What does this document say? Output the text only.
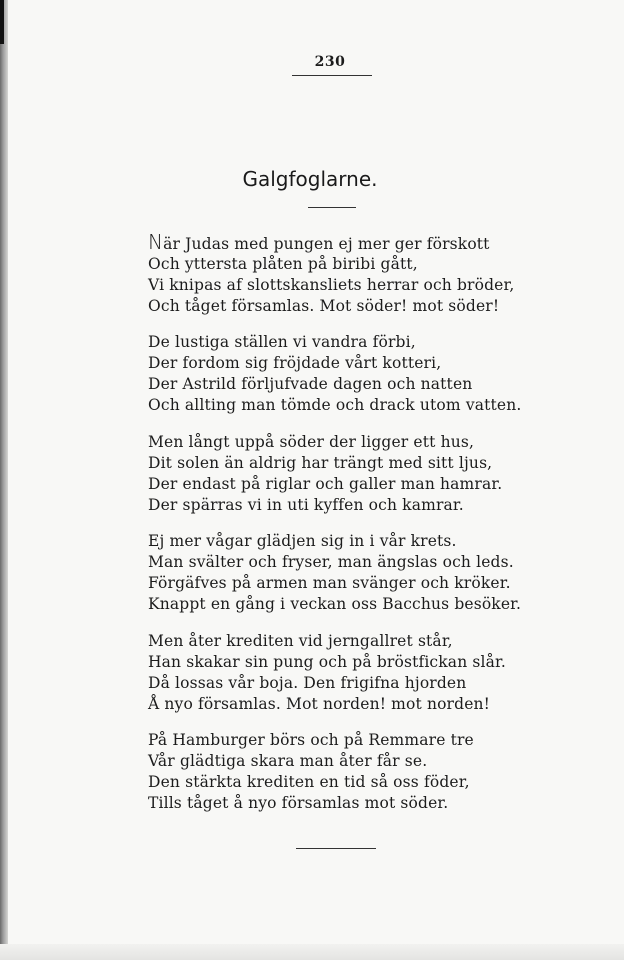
230
Galgfoglarne.
När Judas med pungen ej mer ger förskott
Och yttersta plåten på biribi gått,
Vi knipas af slottskansliets herrar och bröder,
Och tåget församlas. Mot söder! mot söder!
De lustiga ställen vi vandra förbi,
Der fordom sig fröjdade vårt kotteri,
Der Astrild förljufvade dagen och natten
Och allting man tömde och drack utom vatten.
Men långt uppå söder der ligger ett hus,
Dit solen än aldrig har trängt med sitt ljus,
Der endast på riglar och galler man hamrar.
Der spärras vi in uti kyffen och kamrar.
Ej mer vågar glädjen sig in i vår krets.
Man svälter och fryser, man ängslas och leds.
Förgäfves på armen man svänger och kröker.
Knappt en gång i veckan oss Bacchus besöker.
Men åter krediten vid jerngallret står,
Han skakar sin pung och på bröstfickan slår.
Då lossas vår boja. Den frigifna hjorden
Å nyo församlas. Mot norden! mot norden!
På Hamburger börs och på Remmare tre
Vår glädtiga skara man åter får se.
Den stärkta krediten en tid så oss föder,
Tills tåget å nyo församlas mot söder.
